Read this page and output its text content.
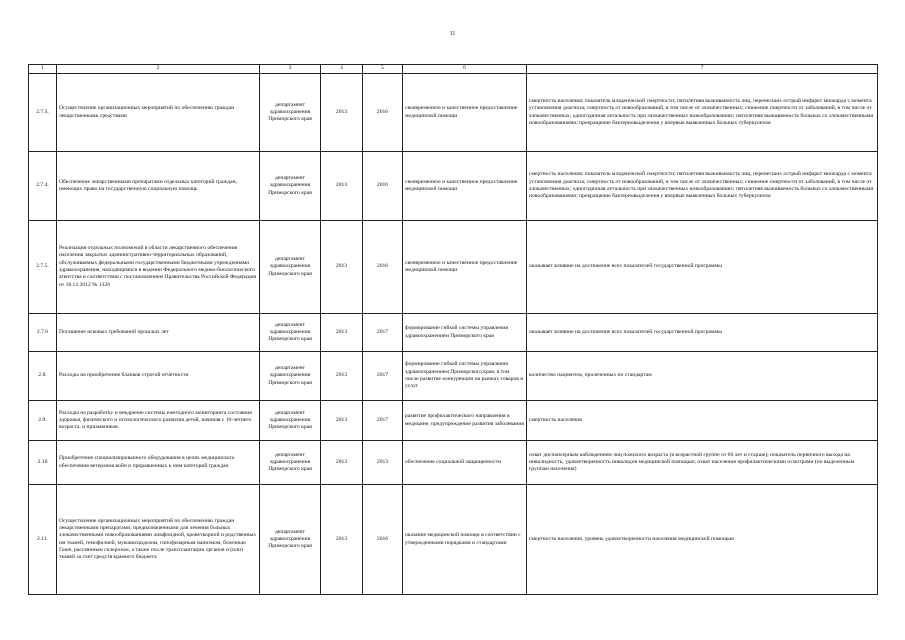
11
1	2	3	4	5	6	7
2.7.3.	Осуществление организационных мероприятий по обеспечению граждан лекарственными средствами	департамент здравоохранения Приморского края	2013	2016	своевременное и качественное предоставление медицинской помощи	смертность населения; показатель младенческой смертности; пятилетняя выживаемость лиц, перенесших острый инфаркт миокарда с момента установления диагноза; смертность от новообразований, в том числе от злокачественных; снижение смертности от заболеваний, в том числе от злокачественных; одногодичная летальность при злокачественных новообразованиях; пятилетняя выживаемость больных со злокачественными новообразованиями; прекращение бактериовыделения у впервые выявленных больных туберкулезом
2.7.4.	Обеспечение лекарственными препаратами отдельных категорий граждан, имеющих право на государственную социальную помощь	департамент здравоохранения Приморского края	2013	2016	своевременное и качественное предоставление медицинской помощи	смертность населения; показатель младенческой смертности; пятилетняя выживаемость лиц, перенесших острый инфаркт миокарда с момента установления диагноза; смертность от новообразований, в том числе от злокачественных; снижение смертности от заболеваний, в том числе от злокачественных; одногодичная летальность при злокачественных новообразованиях; пятилетняя выживаемость больных со злокачественными новообразованиями; прекращение бактериовыделения у впервые выявленных больных туберкулезом
2.7.5.	Реализация отдельных полномочий в области лекарственного обеспечения населения закрытых административно-территориальных образований, обслуживаемых федеральными государственными бюджетными учреждениями здравоохранения, находящимися в ведении Федерального медико-биологического агентства в соответствии с постановлением Правительства Российской Федерации от 18.12.2012 № 1326	департамент здравоохранения Приморского края	2013	2016	своевременное и качественное предоставление медицинской помощи	оказывает влияние на достижение всех показателей государственной программы
2.7.6	Погашение исковых требований прошлых лет	департамент здравоохранения Приморского края	2013	2017	формирование гибкой системы управления здравоохранением Приморского края	оказывает влияние на достижение всех показателей государственной программы
2.8.	Расходы на приобретение бланков строгой отчетности	департамент здравоохранения Приморского края	2013	2017	формирование гибкой системы управления здравоохранением Приморского края, в том числе развитие конкуренции на рынках товаров и услуг	количество пациентов, пролеченных по стандартам
2.9.	Расходы на разработку и внедрение системы ежегодного мониторинга состояния здоровья, физического и психологического развития детей, начиная с 10-летнего возраста, и призывников	департамент здравоохранения Приморского края	2013	2017	развитие профилактического направления в медицине, предупреждение развития заболевания	смертность населения
2.10	Приобретение специализированного оборудования в целях медицинского обеспечения ветеранов войн и приравненных к ним категорий граждан	департамент здравоохранения Приморского края	2013	2013	обеспечение социальной защищенности	охват диспансерным наблюдением лиц пожилого возраста (в возрастной группе от 60 лет и старше); показатель первичного выхода на инвалидность; удовлетворенность инвалидов медицинской помощью; охват населения профилактическими осмотрами (по выделенным группам населения)
2.11.	Осуществление организационных мероприятий по обеспечению граждан лекарственными препаратами, предназначенными для лечения больных злокачественными новообразованиями лимфоидной, кроветворной и родственных им тканей, гемофилией, муковисцидозом, гипофизарным нанизмом, болезнью Гоше, рассеянным склерозом, а также после трансплантации органов и (или) тканей за счет средств краевого бюджета	департамент здравоохранения Приморского края	2013	2016	оказание медицинской помощи в соответствии с утвержденными порядками и стандартами	смертность населения, уровень удовлетворенности населения медицинской помощью
